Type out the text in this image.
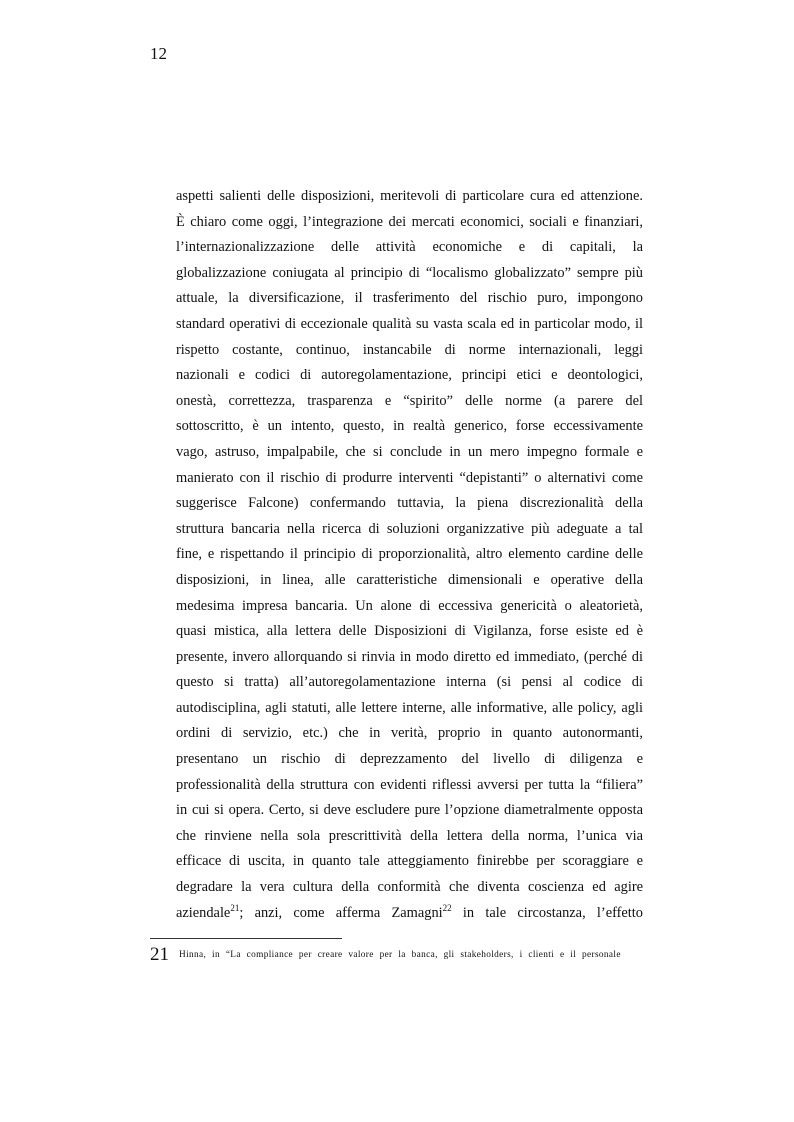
12
aspetti salienti delle disposizioni, meritevoli di particolare cura ed attenzione.
È chiaro come oggi, l’integrazione dei mercati economici, sociali e finanziari,
l’internazionalizzazione delle attività economiche e di capitali, la
globalizzazione coniugata al principio di “localismo globalizzato” sempre più
attuale, la diversificazione, il trasferimento del rischio puro, impongono
standard operativi di eccezionale qualità su vasta scala ed in particolar modo, il
rispetto costante, continuo, instancabile di norme internazionali, leggi
nazionali e codici di autoregolamentazione, principi etici e deontologici,
onestà, correttezza, trasparenza e “spirito” delle norme (a parere del
sottoscritto, è un intento, questo, in realtà generico, forse eccessivamente
vago, astruso, impalpabile, che si conclude in un mero impegno formale e
manierato con il rischio di produrre interventi “depistanti” o alternativi come
suggerisce Falcone) confermando tuttavia, la piena discrezionalità della
struttura bancaria nella ricerca di soluzioni organizzative più adeguate a tal
fine, e rispettando il principio di proporzionalità, altro elemento cardine delle
disposizioni, in linea, alle caratteristiche dimensionali e operative della
medesima impresa bancaria. Un alone di eccessiva genericità o aleatorietà,
quasi mistica, alla lettera delle Disposizioni di Vigilanza, forse esiste ed è
presente, invero allorquando si rinvia in modo diretto ed immediato, (perché di
questo si tratta) all’autoregolamentazione interna (si pensi al codice di
autodisciplina, agli statuti, alle lettere interne, alle informative, alle policy, agli
ordini di servizio, etc.) che in verità, proprio in quanto autonormanti,
presentano un rischio di deprezzamento del livello di diligenza e
professionalità della struttura con evidenti riflessi avversi per tutta la “filiera”
in cui si opera. Certo, si deve escludere pure l’opzione diametralmente opposta
che rinviene nella sola prescrittività della lettera della norma, l’unica via
efficace di uscita, in quanto tale atteggiamento finirebbe per scoraggiare e
degradare la vera cultura della conformità che diventa coscienza ed agire
aziendale$^{21}$; anzi, come afferma Zamagni$^{22}$ in tale circostanza, l’effetto
21 Hinna, in “La compliance per creare valore per la banca, gli stakeholders, i clienti e il personale
